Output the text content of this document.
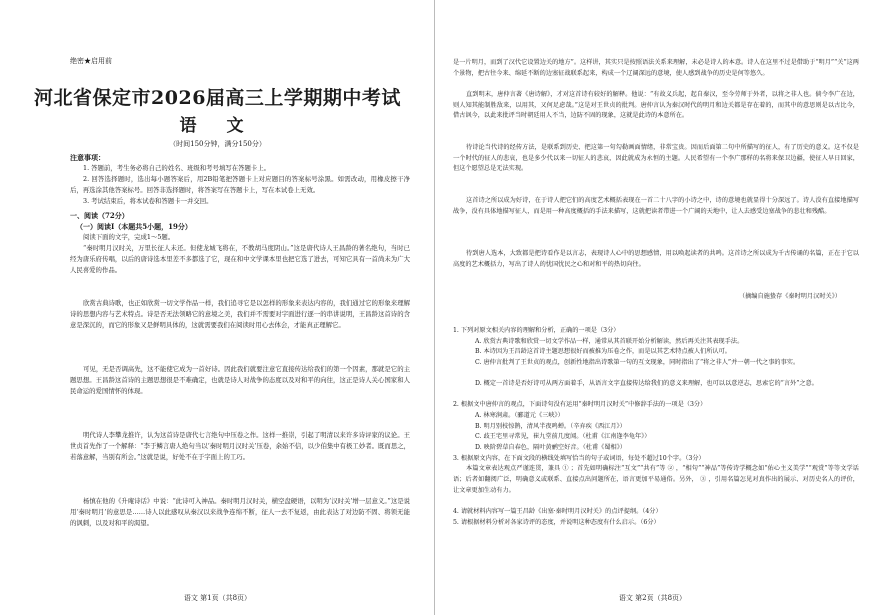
绝密★启用前
河北省保定市2026届高三上学期期中考试
语 文
（时间150分钟，满分150分）

注意事项：

1. 答题前，考生务必将自己的姓名、班级和考号填写在答题卡上。

2. 回答选择题时，选出每小题答案后，用2B铅笔把答题卡上对应题目的答案标号涂黑。如需改动，用橡皮擦干净后，再选涂其他答案标号。回答非选择题时，将答案写在答题卡上，写在本试卷上无效。

3. 考试结束后，将本试卷和答题卡一并交回。

一、阅读（72分）

（一）阅读Ⅰ（本题共5小题，19分）

阅读下面的文字，完成1～5题。

“秦时明月汉时关，万里长征人未还。但使龙城飞将在，不教胡马度阴山。”这是唐代诗人王昌龄的著名绝句，当时已经为唐乐府传唱，以后的唐诗选本里差不多都选了它，现在和中文学课本里也把它选了进去，可知它具有一首尚未为广大人民喜爱的作品。

欣赏古典诗歌，也正如欣赏一切文学作品一样，我们追寻它是以怎样的形象来表达内容的，我们通过它的形象来理解诗的思想内容与艺术特点。诗是否无法领略它的意境之美，我们并不需要对字面进行逐一的串讲说明，王昌龄这首诗的含意是深沉的，而它的形象又是鲜明具体的，这就需要我们在阅读时用心去体会，才能真正理解它。

可见，无是否调高先，这不能使它成为一首好诗。因此我们就要注意它直接传达给我们的第一个因素，那就是它的主题思想。王昌龄这首诗的主题思想很是不难确定，也就是诗人对战争的态度以及对和平的向往，这正是诗人关心国家和人民命运的爱国情怀的体现。

明代诗人李攀龙推许，认为这首诗是唐代七言绝句中压卷之作。这样一推崇，引起了明清以来许多诗评家的议论。王世贞首先作了一个解释：“李于鳞言唐人绝句当以‘秦时明月汉时关’压卷，余始不信，以少伯集中有极工妙者。既而思之，若落意解，当别有所会。”这就是说，好处不在于字面上的工巧。

杨慎在他的《升庵诗话》中说：“此诗可入神品。秦时明月汉时关，横空盘硬语，以明为‘汉时关’增一层意义。”这是说用‘秦时明月’的意思是……诗人以此感叹从秦汉以来战争连绵不断，征人一去不复返，由此表达了对边防不固、将领无能的讽刺，以及对和平的渴望。

语文 第1页（共8页）

是一片明月，而到了汉代它设置边关的地方”。这样讲，其实只是按照语法关系来理解，未必是诗人的本意。诗人在这里不过是借助于“明月”“关”这两个景物，把古往今来、绵延不断的边塞征战联系起来，构成一个辽阔深远的意境，使人感到战争的历史是何等悠久。

直到明末，唐仲言著《唐诗解》，才对这首诗有较好的解释。他说：“有故义兵起，起自秦汉，至今劳师于外者，以将之非人也。倘令李广在边，则人知其能制胜敌来，以用其，又何足虑哉。”这是对王世贞的批判。唐仲言认为秦汉时代的明月和边关都是存在着的，而其中的意思则是以古比今，借古讽今，以此来批评当时朝廷用人不当，边防不固的现象，这就是此诗的本意所在。

待诗论当代诗的经传方法，是联系到历史、把这第一句勾勒画面情绪，非常宝贵。因而后面第二句中所描写的征人，有了历史的意义。这不仅是一个时代的征人的悲哀，也是多少代以来一切征人的悲哀，因此就成为永恒的主题。人民希望有一个李广那样的名将来保卫边疆，使征人早日回家，但这个愿望总是无法实现。

这首诗之所以成为好诗，在于诗人把它们的高度艺术概括表现在一首二十八字的小诗之中，诗的意境也就显得十分深远了。诗人没有直接地描写战争，没有具体地描写征人，而是用一种高度概括的手法来描写，这就把读者带进一个广阔的天地中，让人去感受边塞战争的悲壮和残酷。

待到唐人选本，大致都是把诗看作是以言志，表现诗人心中的思想感情，用以唤起读者的共鸣。这首诗之所以成为千古传诵的名篇，正在于它以高度的艺术概括力，写出了诗人的忧国忧民之心和对和平的热切向往。

（摘编自施蛰存《秦时明月汉时关》）

1. 下列对原文相关内容的理解和分析，正确的一项是（3分）

A. 欣赏古典诗歌和欣赏一切文学作品一样，通常从其首联开始分析解读，然后再关注其表现手法。

B. 本诗因为王昌龄这首诗主题思想很好而被推为压卷之作，而是以其艺术特点被人们所认可。

C. 唐仲言批判了王世贞的观点，创新性地指出诗歌第一句的互文现象，同时指出了“将之非人”并一朝一代之事的事实。

D. 概定一首诗是否好诗可从两方面着手，从语言文字直接传达给我们的意义来理解，也可以以意逆志，思索它的“言外”之意。

2. 根据文中唐仲言的观点，下面诗句没有运用“秦时明月汉时关”中修辞手法的一项是（3分）

A. 林寒涧肃。（郦道元《三峡》）

B. 明月别枝惊鹊，清风半夜鸣蝉。（辛弃疾《西江月》）

C. 歧王宅里寻常见，崔九堂前几度闻。（杜甫《江南逢李龟年》）

D. 映阶碧草自春色，隔叶黄鹂空好音。（杜甫《蜀相》）

3. 根据原文内容，在下面文段的横线处填写恰当的句子或词语，每处不超过10个字。（3分）

本篇文章表达观点严谨连贯，兼具 ① ；首先如明确标注“互文”“共有”等 ② ，“相句”“神品”等传诗学概念如“佑心主义美学”“观赏”等等文学话语；后者如翻阅广泛，明确意义或联系、直接点出问题所在，语言更加平易通俗。另外， ③ ，引用名篇怎见对真作出的展示、对历史名人的评价，让文章更加生动有力。

4. 请就材料内容写一篇王昌龄《出塞·秦时明月汉时关》的点评提纲。（4分）

5. 请根据材料分析对各家诗评的态度，并说明这种态度有什么启示。（6分）

语文 第2页（共8页）
